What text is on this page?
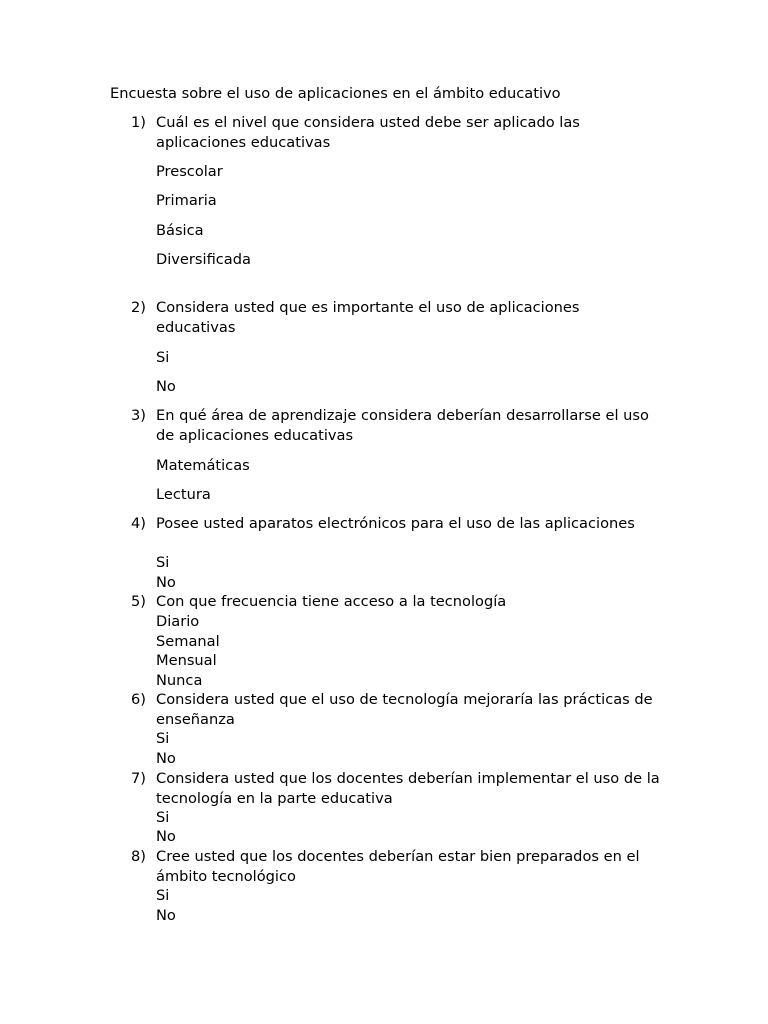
Encuesta sobre el uso de aplicaciones en el ámbito educativo
1) Cuál es el nivel que considera usted debe ser aplicado las aplicaciones educativas
Prescolar
Primaria
Básica
Diversificada
2) Considera usted que es importante el uso de aplicaciones educativas
Si
No
3) En qué área de aprendizaje considera deberían desarrollarse el uso de aplicaciones educativas
Matemáticas
Lectura
4) Posee usted aparatos electrónicos para el uso de las aplicaciones
Si
No
5) Con que frecuencia tiene acceso a la tecnología
Diario
Semanal
Mensual
Nunca
6) Considera usted que el uso de tecnología mejoraría las prácticas de enseñanza
Si
No
7) Considera usted que los docentes deberían implementar el uso de la tecnología en la parte educativa
Si
No
8) Cree usted que los docentes deberían estar bien preparados en el ámbito tecnológico
Si
No
